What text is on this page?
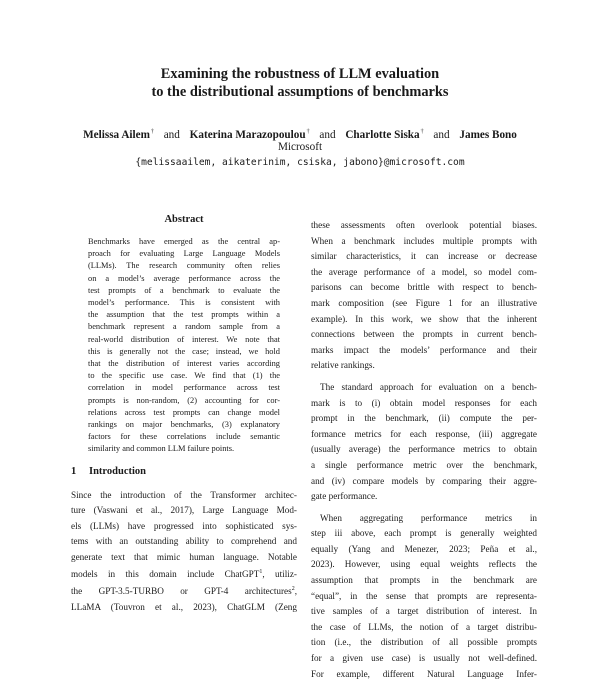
Examining the robustness of LLM evaluation
to the distributional assumptions of benchmarks
Melissa Ailem† and Katerina Marazopoulou† and Charlotte Siska† and James Bono
Microsoft
{melissaailem, aikaterinim, csiska, jabono}@microsoft.com
Abstract
Benchmarks have emerged as the central ap-
proach for evaluating Large Language Models
(LLMs). The research community often relies
on a model’s average performance across the
test prompts of a benchmark to evaluate the
model’s performance. This is consistent with
the assumption that the test prompts within a
benchmark represent a random sample from a
real-world distribution of interest. We note that
this is generally not the case; instead, we hold
that the distribution of interest varies according
to the specific use case. We find that (1) the
correlation in model performance across test
prompts is non-random, (2) accounting for cor-
relations across test prompts can change model
rankings on major benchmarks, (3) explanatory
factors for these correlations include semantic
similarity and common LLM failure points.
1 Introduction
Since the introduction of the Transformer architec-
ture (Vaswani et al., 2017), Large Language Mod-
els (LLMs) have progressed into sophisticated sys-
tems with an outstanding ability to comprehend and
generate text that mimic human language. Notable
models in this domain include ChatGPT$^1$, utiliz-
the GPT-3.5-TURBO or GPT-4 architectures$^2$,
LLaMA (Touvron et al., 2023), ChatGLM (Zeng
these assessments often overlook potential biases.
When a benchmark includes multiple prompts with
similar characteristics, it can increase or decrease
the average performance of a model, so model com-
parisons can become brittle with respect to bench-
mark composition (see Figure 1 for an illustrative
example). In this work, we show that the inherent
connections between the prompts in current bench-
marks impact the models’ performance and their
relative rankings.
The standard approach for evaluation on a bench-
mark is to (i) obtain model responses for each
prompt in the benchmark, (ii) compute the per-
formance metrics for each response, (iii) aggregate
(usually average) the performance metrics to obtain
a single performance metric over the benchmark,
and (iv) compare models by comparing their aggre-
gate performance.
When aggregating performance metrics in
step iii above, each prompt is generally weighted
equally (Yang and Menezer, 2023; Peña et al.,
2023). However, using equal weights reflects the
assumption that prompts in the benchmark are
“equal”, in the sense that prompts are representa-
tive samples of a target distribution of interest. In
the case of LLMs, the notion of a target distribu-
tion (i.e., the distribution of all possible prompts
for a given use case) is usually not well-defined.
For example, different Natural Language Infer-
